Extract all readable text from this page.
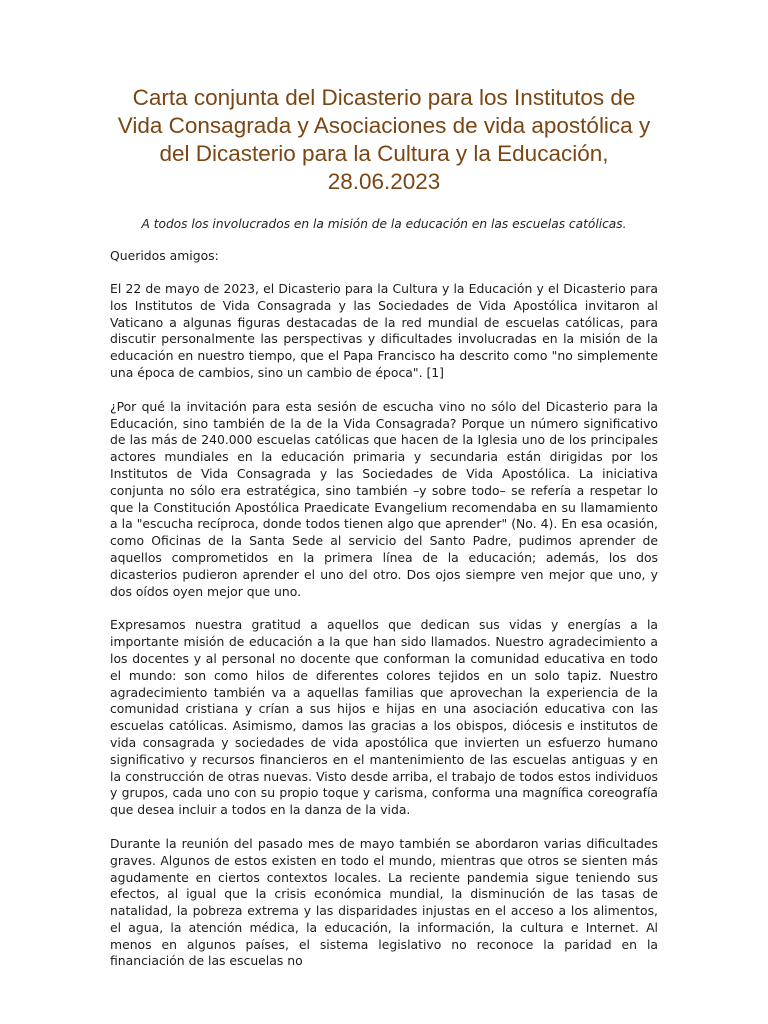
Carta conjunta del Dicasterio para los Institutos de Vida Consagrada y Asociaciones de vida apostólica y del Dicasterio para la Cultura y la Educación, 28.06.2023

A todos los involucrados en la misión de la educación en las escuelas católicas.

Queridos amigos:

El 22 de mayo de 2023, el Dicasterio para la Cultura y la Educación y el Dicasterio para los Institutos de Vida Consagrada y las Sociedades de Vida Apostólica invitaron al Vaticano a algunas figuras destacadas de la red mundial de escuelas católicas, para discutir personalmente las perspectivas y dificultades involucradas en la misión de la educación en nuestro tiempo, que el Papa Francisco ha descrito como "no simplemente una época de cambios, sino un cambio de época". [1]

¿Por qué la invitación para esta sesión de escucha vino no sólo del Dicasterio para la Educación, sino también de la de la Vida Consagrada? Porque un número significativo de las más de 240.000 escuelas católicas que hacen de la Iglesia uno de los principales actores mundiales en la educación primaria y secundaria están dirigidas por los Institutos de Vida Consagrada y las Sociedades de Vida Apostólica. La iniciativa conjunta no sólo era estratégica, sino también –y sobre todo– se refería a respetar lo que la Constitución Apostólica Praedicate Evangelium recomendaba en su llamamiento a la "escucha recíproca, donde todos tienen algo que aprender" (No. 4). En esa ocasión, como Oficinas de la Santa Sede al servicio del Santo Padre, pudimos aprender de aquellos comprometidos en la primera línea de la educación; además, los dos dicasterios pudieron aprender el uno del otro. Dos ojos siempre ven mejor que uno, y dos oídos oyen mejor que uno.

Expresamos nuestra gratitud a aquellos que dedican sus vidas y energías a la importante misión de educación a la que han sido llamados. Nuestro agradecimiento a los docentes y al personal no docente que conforman la comunidad educativa en todo el mundo: son como hilos de diferentes colores tejidos en un solo tapiz. Nuestro agradecimiento también va a aquellas familias que aprovechan la experiencia de la comunidad cristiana y crían a sus hijos e hijas en una asociación educativa con las escuelas católicas. Asimismo, damos las gracias a los obispos, diócesis e institutos de vida consagrada y sociedades de vida apostólica que invierten un esfuerzo humano significativo y recursos financieros en el mantenimiento de las escuelas antiguas y en la construcción de otras nuevas. Visto desde arriba, el trabajo de todos estos individuos y grupos, cada uno con su propio toque y carisma, conforma una magnífica coreografía que desea incluir a todos en la danza de la vida.

Durante la reunión del pasado mes de mayo también se abordaron varias dificultades graves. Algunos de estos existen en todo el mundo, mientras que otros se sienten más agudamente en ciertos contextos locales. La reciente pandemia sigue teniendo sus efectos, al igual que la crisis económica mundial, la disminución de las tasas de natalidad, la pobreza extrema y las disparidades injustas en el acceso a los alimentos, el agua, la atención médica, la educación, la información, la cultura e Internet. Al menos en algunos países, el sistema legislativo no reconoce la paridad en la financiación de las escuelas no
